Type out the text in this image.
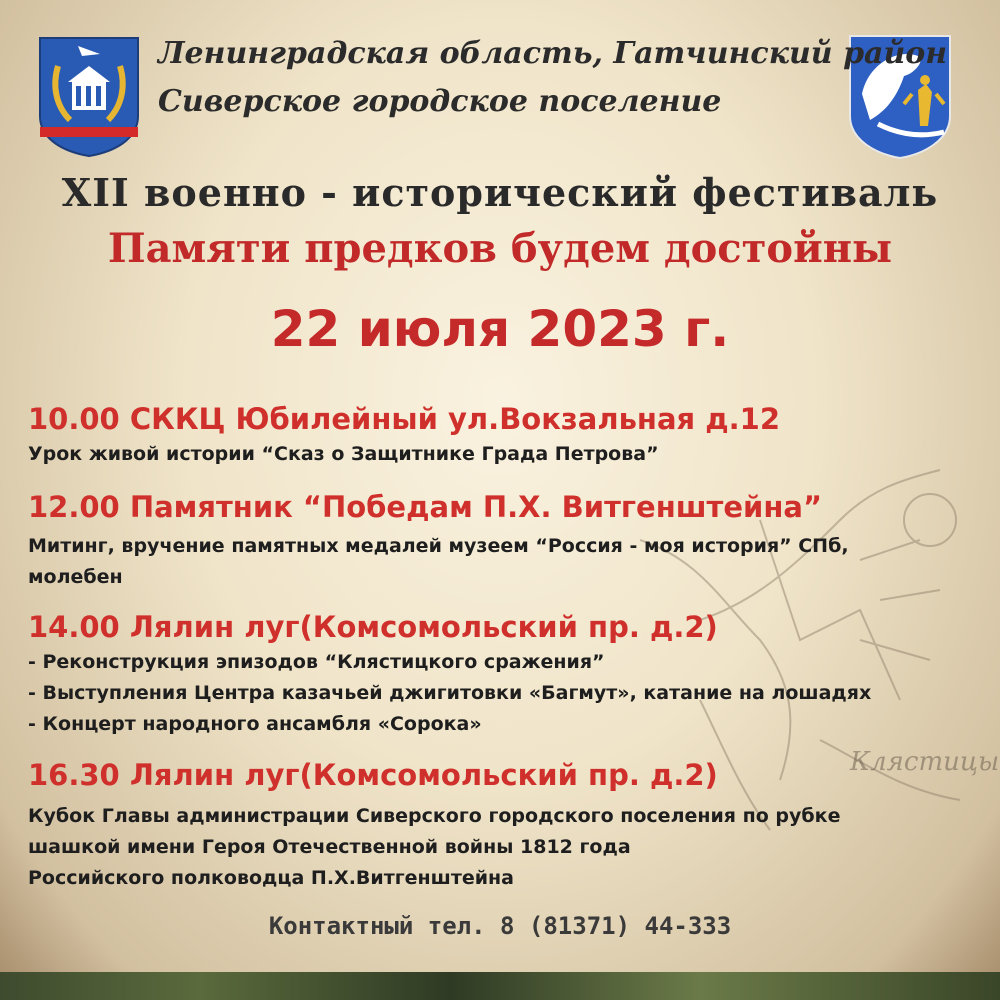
Клястицы
Ленинградская область, Гатчинский район
Сиверское городское поселение
XII военно - исторический фестиваль
Памяти предков будем достойны
22 июля 2023 г.
10.00 СККЦ Юбилейный ул.Вокзальная д.12
Урок живой истории “Сказ о Защитнике Града Петрова”
12.00 Памятник “Победам П.Х. Витгенштейна”
Митинг, вручение памятных медалей музеем “Россия - моя история” СПб,
молебен
14.00 Лялин луг(Комсомольский пр. д.2)
- Реконструкция эпизодов “Клястицкого сражения”
- Выступления Центра казачьей джигитовки «Багмут», катание на лошадях
- Концерт народного ансамбля «Сорока»
16.30 Лялин луг(Комсомольский пр. д.2)
Кубок Главы администрации Сиверского городского поселения по рубке
шашкой имени Героя Отечественной войны 1812 года
Российского полководца П.Х.Витгенштейна
Контактный тел. 8 (81371) 44-333
